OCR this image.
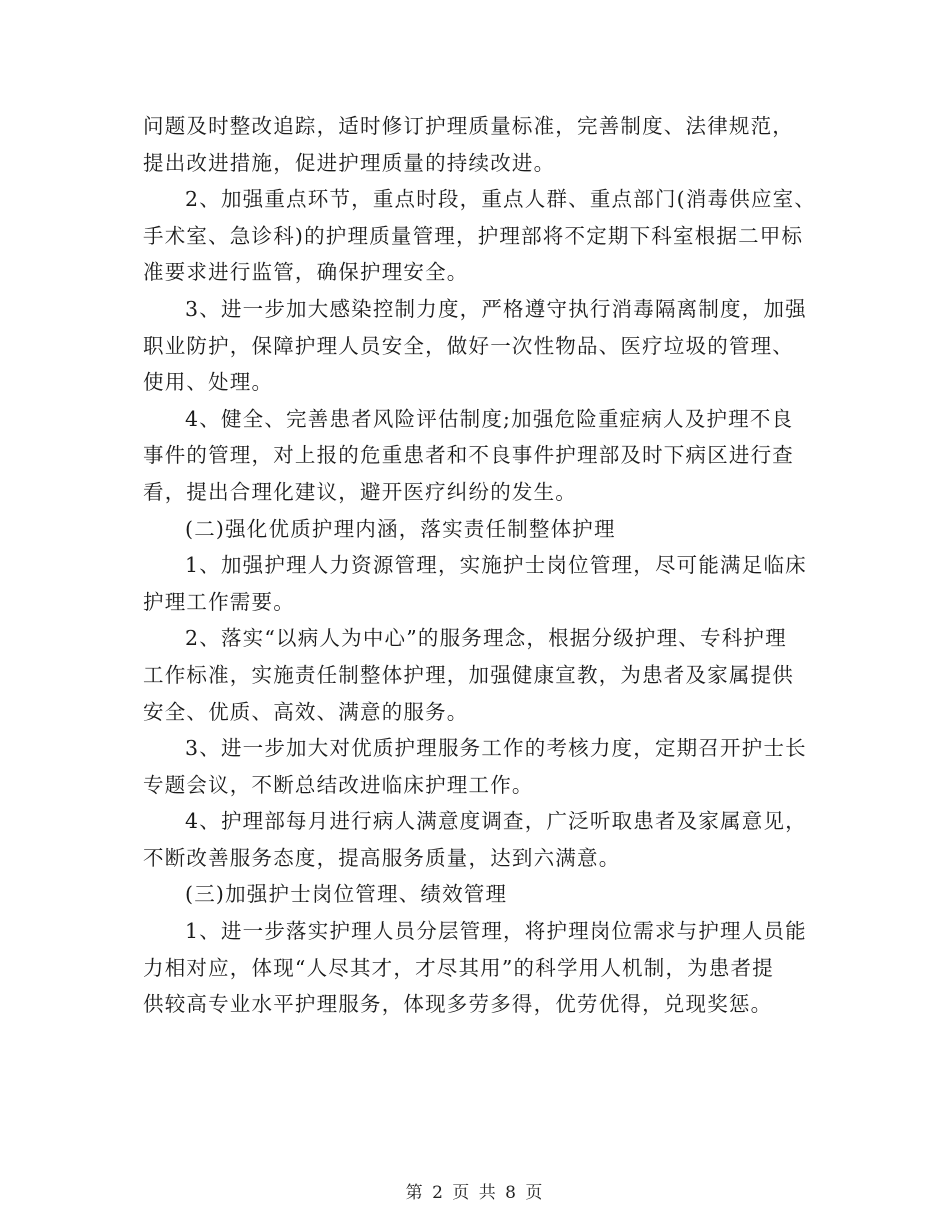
问题及时整改追踪，适时修订护理质量标准，完善制度、法律规范，
提出改进措施，促进护理质量的持续改进。
2、加强重点环节，重点时段，重点人群、重点部门(消毒供应室、
手术室、急诊科)的护理质量管理，护理部将不定期下科室根据二甲标
准要求进行监管，确保护理安全。
3、进一步加大感染控制力度，严格遵守执行消毒隔离制度，加强
职业防护，保障护理人员安全，做好一次性物品、医疗垃圾的管理、
使用、处理。
4、健全、完善患者风险评估制度;加强危险重症病人及护理不良
事件的管理，对上报的危重患者和不良事件护理部及时下病区进行查
看，提出合理化建议，避开医疗纠纷的发生。
(二)强化优质护理内涵，落实责任制整体护理
1、加强护理人力资源管理，实施护士岗位管理，尽可能满足临床
护理工作需要。
2、落实“以病人为中心”的服务理念，根据分级护理、专科护理
工作标准，实施责任制整体护理，加强健康宣教，为患者及家属提供
安全、优质、高效、满意的服务。
3、进一步加大对优质护理服务工作的考核力度，定期召开护士长
专题会议，不断总结改进临床护理工作。
4、护理部每月进行病人满意度调查，广泛听取患者及家属意见，
不断改善服务态度，提高服务质量，达到六满意。
(三)加强护士岗位管理、绩效管理
1、进一步落实护理人员分层管理，将护理岗位需求与护理人员能
力相对应，体现“人尽其才，才尽其用”的科学用人机制，为患者提
供较高专业水平护理服务，体现多劳多得，优劳优得，兑现奖惩。
第 2 页 共 8 页
